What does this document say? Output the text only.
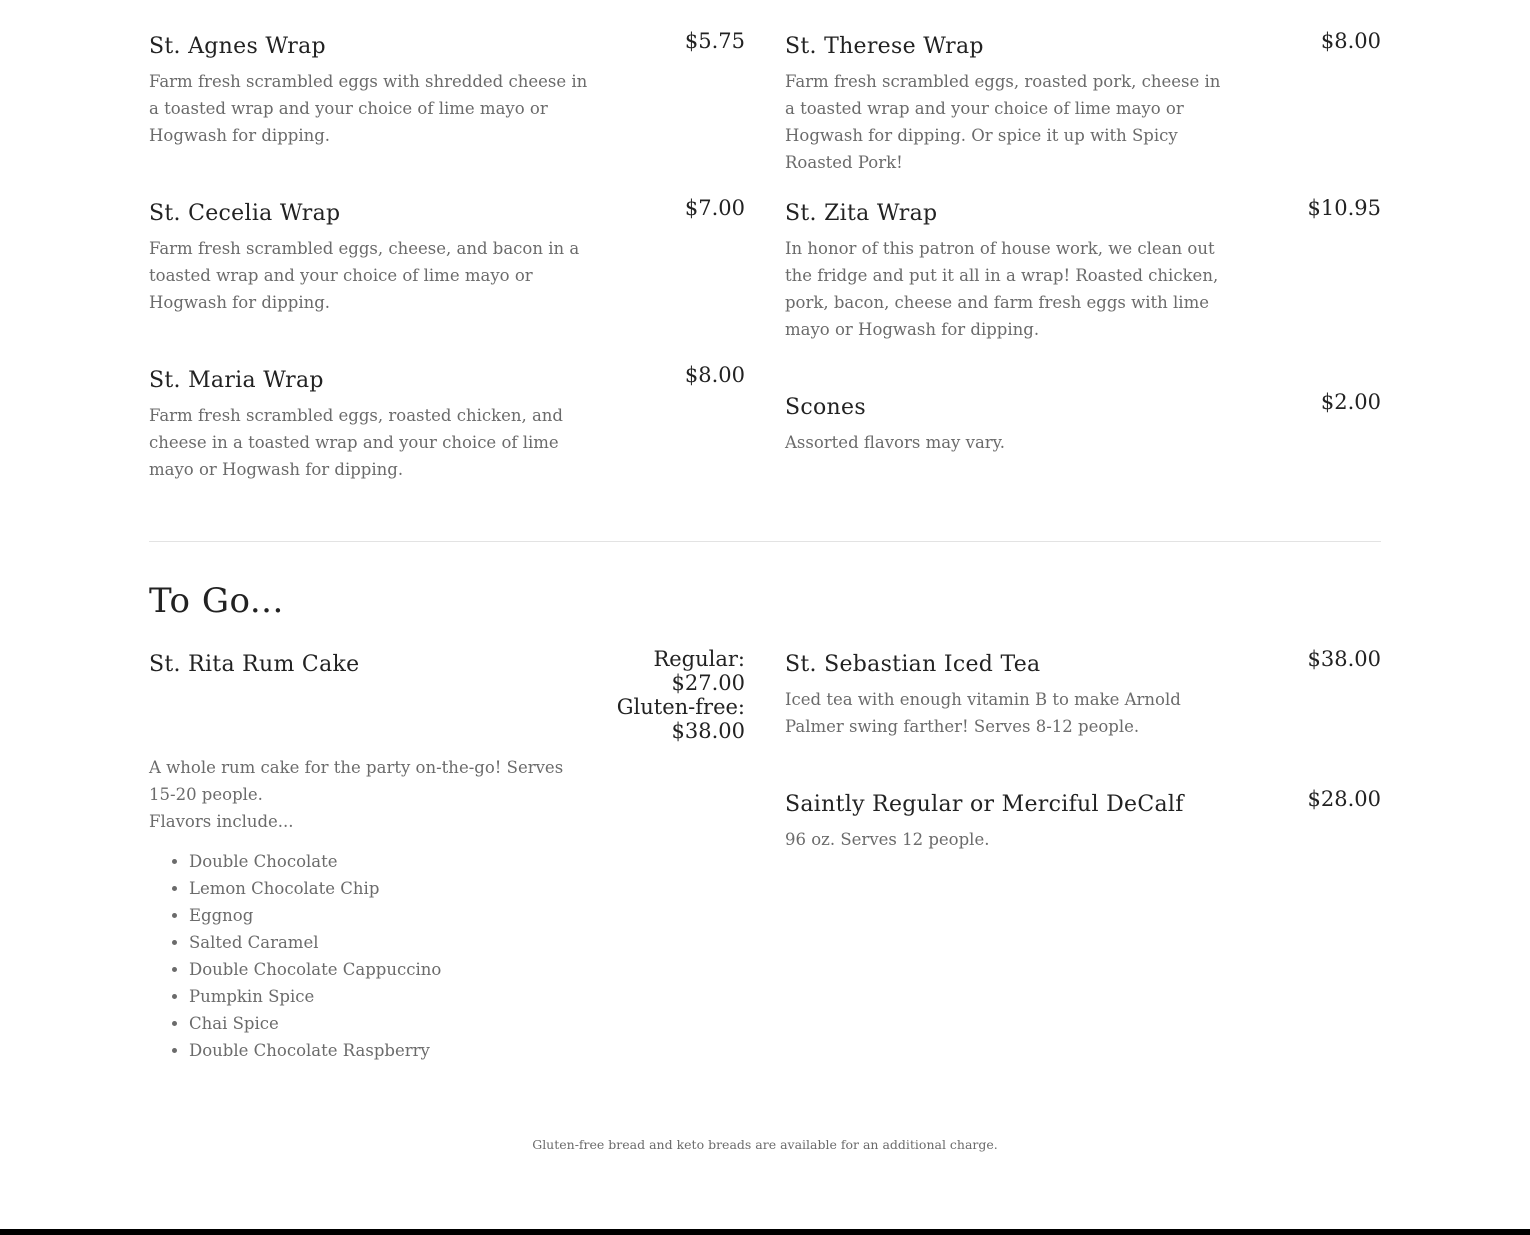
St. Agnes Wrap	$5.75
Farm fresh scrambled eggs with shredded cheese in a toasted wrap and your choice of lime mayo or Hogwash for dipping.
St. Cecelia Wrap	$7.00
Farm fresh scrambled eggs, cheese, and bacon in a toasted wrap and your choice of lime mayo or Hogwash for dipping.
St. Maria Wrap	$8.00
Farm fresh scrambled eggs, roasted chicken, and cheese in a toasted wrap and your choice of lime mayo or Hogwash for dipping.
St. Therese Wrap	$8.00
Farm fresh scrambled eggs, roasted pork, cheese in a toasted wrap and your choice of lime mayo or Hogwash for dipping. Or spice it up with Spicy Roasted Pork!
St. Zita Wrap	$10.95
In honor of this patron of house work, we clean out the fridge and put it all in a wrap! Roasted chicken, pork, bacon, cheese and farm fresh eggs with lime mayo or Hogwash for dipping.
Scones	$2.00
Assorted flavors may vary.
To Go...
St. Rita Rum Cake	Regular:
$27.00
Gluten-free:
$38.00
A whole rum cake for the party on-the-go! Serves 15-20 people.
Flavors include...
• Double Chocolate
• Lemon Chocolate Chip
• Eggnog
• Salted Caramel
• Double Chocolate Cappuccino
• Pumpkin Spice
• Chai Spice
• Double Chocolate Raspberry
St. Sebastian Iced Tea	$38.00
Iced tea with enough vitamin B to make Arnold Palmer swing farther! Serves 8-12 people.
Saintly Regular or Merciful DeCalf	$28.00
96 oz. Serves 12 people.
Gluten-free bread and keto breads are available for an additional charge.
